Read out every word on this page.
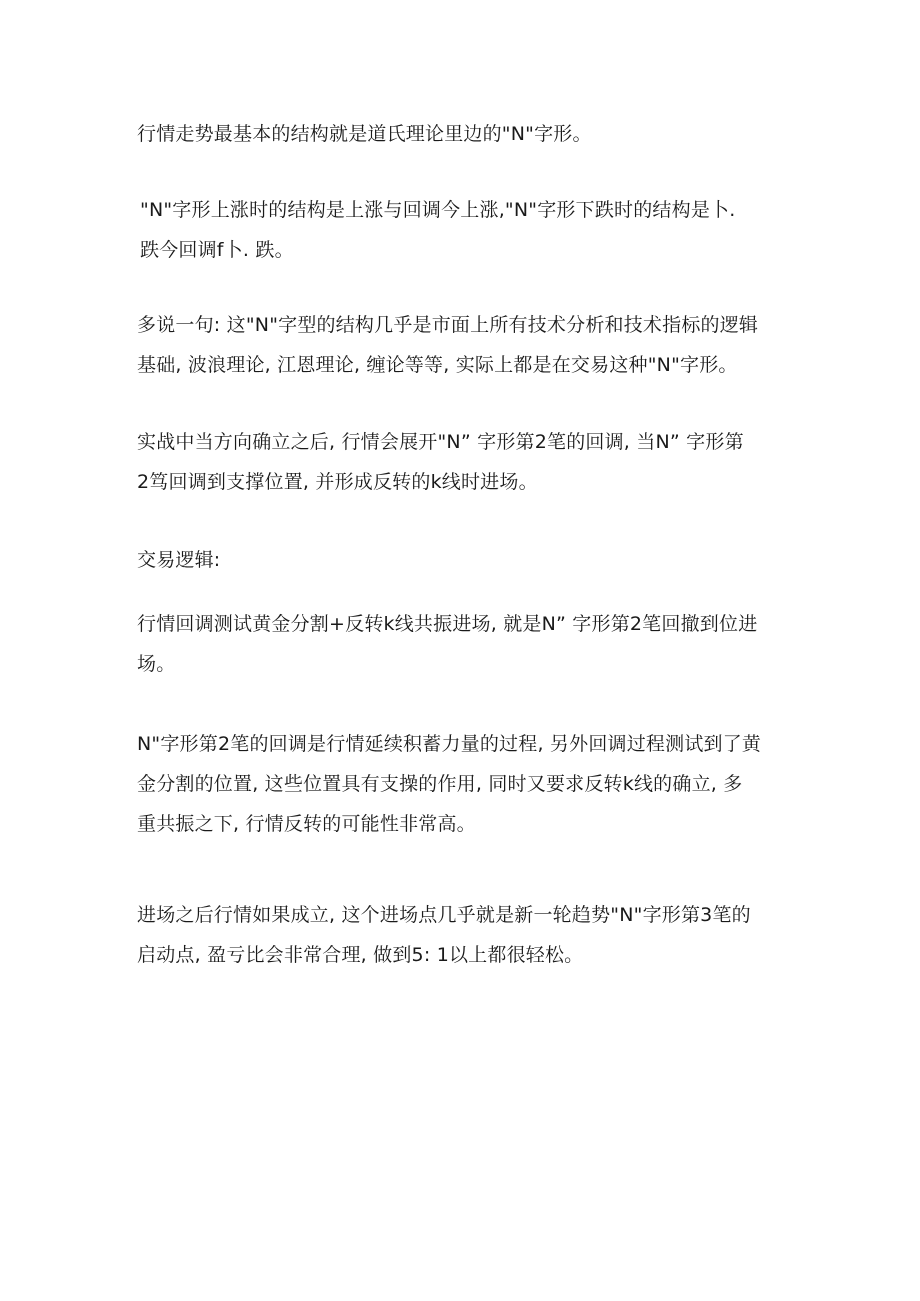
行情走势最基本的结构就是道氏理论里边的"N"字形。

"N"字形上涨时的结构是上涨与回调今上涨,"N"字形下跌时的结构是卜.
跌今回调f卜. 跌。

多说一句: 这"N"字型的结构几乎是市面上所有技术分析和技术指标的逻辑
基础, 波浪理论, 江恩理论, 缠论等等, 实际上都是在交易这种"N"字形。

实战中当方向确立之后, 行情会展开"N” 字形第2笔的回调, 当N” 字形第
2笃回调到支撑位置, 并形成反转的k线时进场。

交易逻辑:

行情回调测试黄金分割+反转k线共振进场, 就是N” 字形第2笔回撤到位进
场。

N"字形第2笔的回调是行情延续积蓄力量的过程, 另外回调过程测试到了黄
金分割的位置, 这些位置具有支操的作用, 同时又要求反转k线的确立, 多
重共振之下, 行情反转的可能性非常高。

进场之后行情如果成立, 这个进场点几乎就是新一轮趋势"N"字形第3笔的
启动点, 盈亏比会非常合理, 做到5: 1以上都很轻松。
